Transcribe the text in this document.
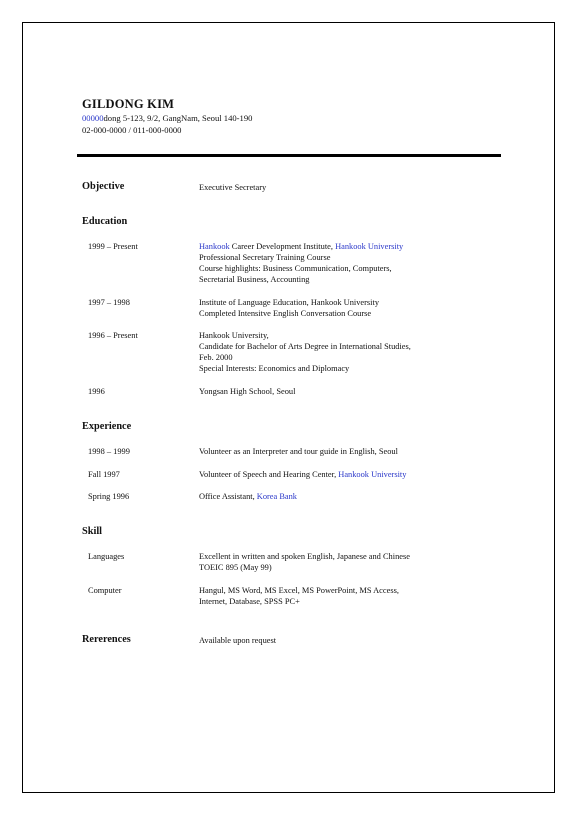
GILDONG KIM
00000dong 5-123, 9/2, GangNam, Seoul 140-190
02-000-0000 / 011-000-0000
Objective	Executive Secretary
Education
1999 – Present	Hankook Career Development Institute, Hankook University
Professional Secretary Training Course
Course highlights: Business Communication, Computers,
Secretarial Business, Accounting
1997 – 1998	Institute of Language Education, Hankook University
Completed Intensitve English Conversation Course
1996 – Present	Hankook University,
Candidate for Bachelor of Arts Degree in International Studies,
Feb. 2000
Special Interests: Economics and Diplomacy
1996	Yongsan High School, Seoul
Experience
1998 – 1999	Volunteer as an Interpreter and tour guide in English, Seoul
Fall 1997	Volunteer of Speech and Hearing Center, Hankook University
Spring 1996	Office Assistant, Korea Bank
Skill
Languages	Excellent in written and spoken English, Japanese and Chinese
TOEIC 895 (May 99)
Computer	Hangul, MS Word, MS Excel, MS PowerPoint, MS Access,
Internet, Database, SPSS PC+
Rererences	Available upon request
